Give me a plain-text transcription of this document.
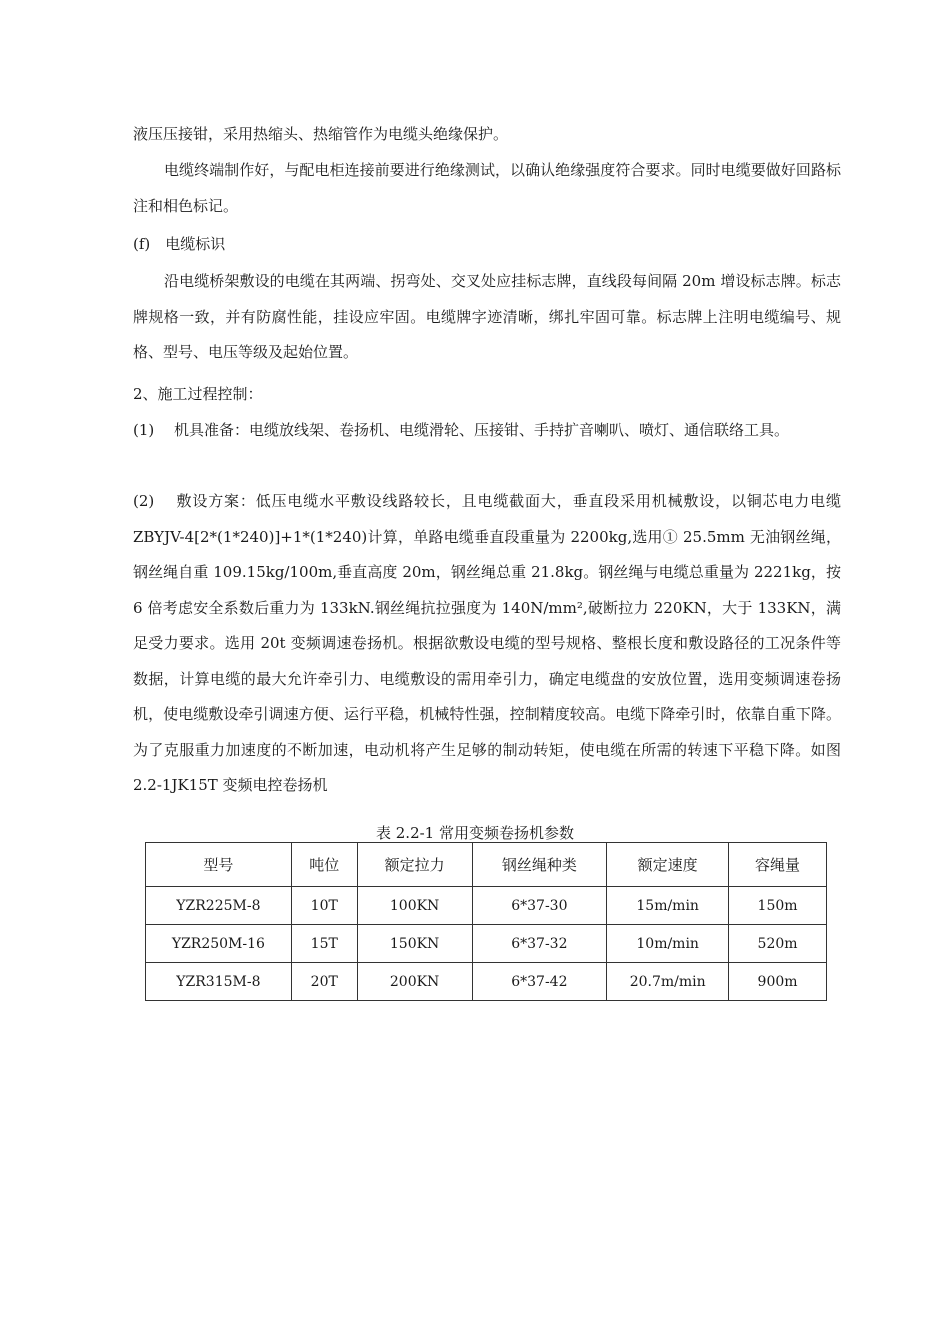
液压压接钳，采用热缩头、热缩管作为电缆头绝缘保护。

电缆终端制作好，与配电柜连接前要进行绝缘测试，以确认绝缘强度符合要求。同时电缆要做好回路标注和相色标记。

(f)　电缆标识

沿电缆桥架敷设的电缆在其两端、拐弯处、交叉处应挂标志牌，直线段每间隔 20m 增设标志牌。标志牌规格一致，并有防腐性能，挂设应牢固。电缆牌字迹清晰，绑扎牢固可靠。标志牌上注明电缆编号、规格、型号、电压等级及起始位置。

2、施工过程控制：

(1)　 机具准备：电缆放线架、卷扬机、电缆滑轮、压接钳、手持扩音喇叭、喷灯、通信联络工具。

(2)　 敷设方案：低压电缆水平敷设线路较长，且电缆截面大，垂直段采用机械敷设，以铜芯电力电缆 ZBYJV-4[2*(1*240)]+1*(1*240)计算，单路电缆垂直段重量为 2200kg,选用① 25.5mm 无油钢丝绳，钢丝绳自重 109.15kg/100m,垂直高度 20m，钢丝绳总重 21.8kg。钢丝绳与电缆总重量为 2221kg，按 6 倍考虑安全系数后重力为 133kN.钢丝绳抗拉强度为 140N/mm²,破断拉力 220KN，大于 133KN，满足受力要求。选用 20t 变频调速卷扬机。根据欲敷设电缆的型号规格、整根长度和敷设路径的工况条件等数据，计算电缆的最大允许牵引力、电缆敷设的需用牵引力，确定电缆盘的安放位置，选用变频调速卷扬机，使电缆敷设牵引调速方便、运行平稳，机械特性强，控制精度较高。电缆下降牵引时，依靠自重下降。为了克服重力加速度的不断加速，电动机将产生足够的制动转矩，使电缆在所需的转速下平稳下降。如图 2.2-1JK15T 变频电控卷扬机

表 2.2-1 常用变频卷扬机参数
型号	吨位	额定拉力	钢丝绳种类	额定速度	容绳量
YZR225M-8	10T	100KN	6*37-30	15m/min	150m
YZR250M-16	15T	150KN	6*37-32	10m/min	520m
YZR315M-8	20T	200KN	6*37-42	20.7m/min	900m
